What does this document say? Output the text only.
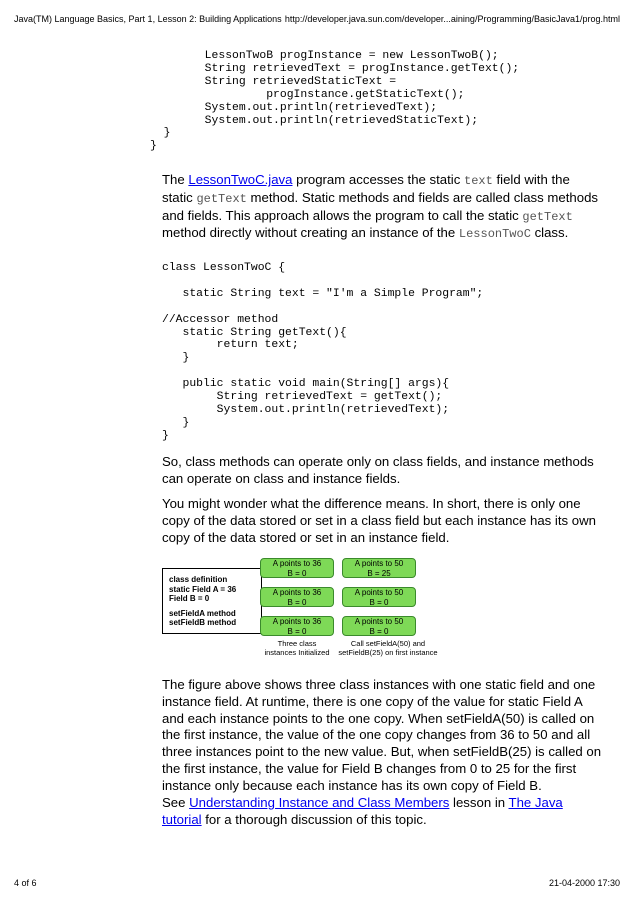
Java(TM) Language Basics, Part 1, Lesson 2: Building Applications http://developer.java.sun.com/developer...aining/Programming/BasicJava1/prog.html
LessonTwoB progInstance = new LessonTwoB();
String retrievedText = progInstance.getText();
String retrievedStaticText =
progInstance.getStaticText();
System.out.println(retrievedText);
System.out.println(retrievedStaticText);
}
}
The LessonTwoC.java program accesses the static text field with the static getText method. Static methods and fields are called class methods and fields. This approach allows the program to call the static getText method directly without creating an instance of the LessonTwoC class.
class LessonTwoC {

static String text = "I'm a Simple Program";

//Accessor method
static String getText(){
return text;
}

public static void main(String[] args){
String retrievedText = getText();
System.out.println(retrievedText);
}
}
So, class methods can operate only on class fields, and instance methods can operate on class and instance fields.
You might wonder what the difference means. In short, there is only one copy of the data stored or set in a class field but each instance has its own copy of the data stored or set in an instance field.
class definition
static Field A = 36
Field B = 0
setFieldA method
setFieldB method
A points to 36
B = 0
A points to 36
B = 0
A points to 36
B = 0
A points to 50
B = 25
A points to 50
B = 0
A points to 50
B = 0
Three class
instances Initialized
Call setFieldA(50) and
setFieldB(25) on first instance
The figure above shows three class instances with one static field and one instance field. At runtime, there is one copy of the value for static Field A and each instance points to the one copy. When setFieldA(50) is called on the first instance, the value of the one copy changes from 36 to 50 and all three instances point to the new value. But, when setFieldB(25) is called on the first instance, the value for Field B changes from 0 to 25 for the first instance only because each instance has its own copy of Field B.
See Understanding Instance and Class Members lesson in The Java tutorial for a thorough discussion of this topic.
4 of 6	21-04-2000 17:30
